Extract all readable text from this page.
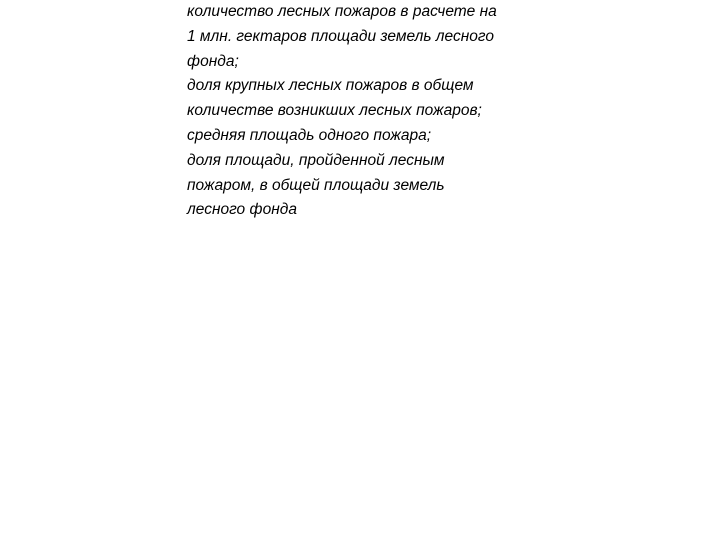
количество лесных пожаров в расчете на
1 млн. гектаров площади земель лесного
фонда;
доля крупных лесных пожаров в общем
количестве возникших лесных пожаров;
средняя площадь одного пожара;
доля площади, пройденной лесным
пожаром, в общей площади земель
лесного фонда
